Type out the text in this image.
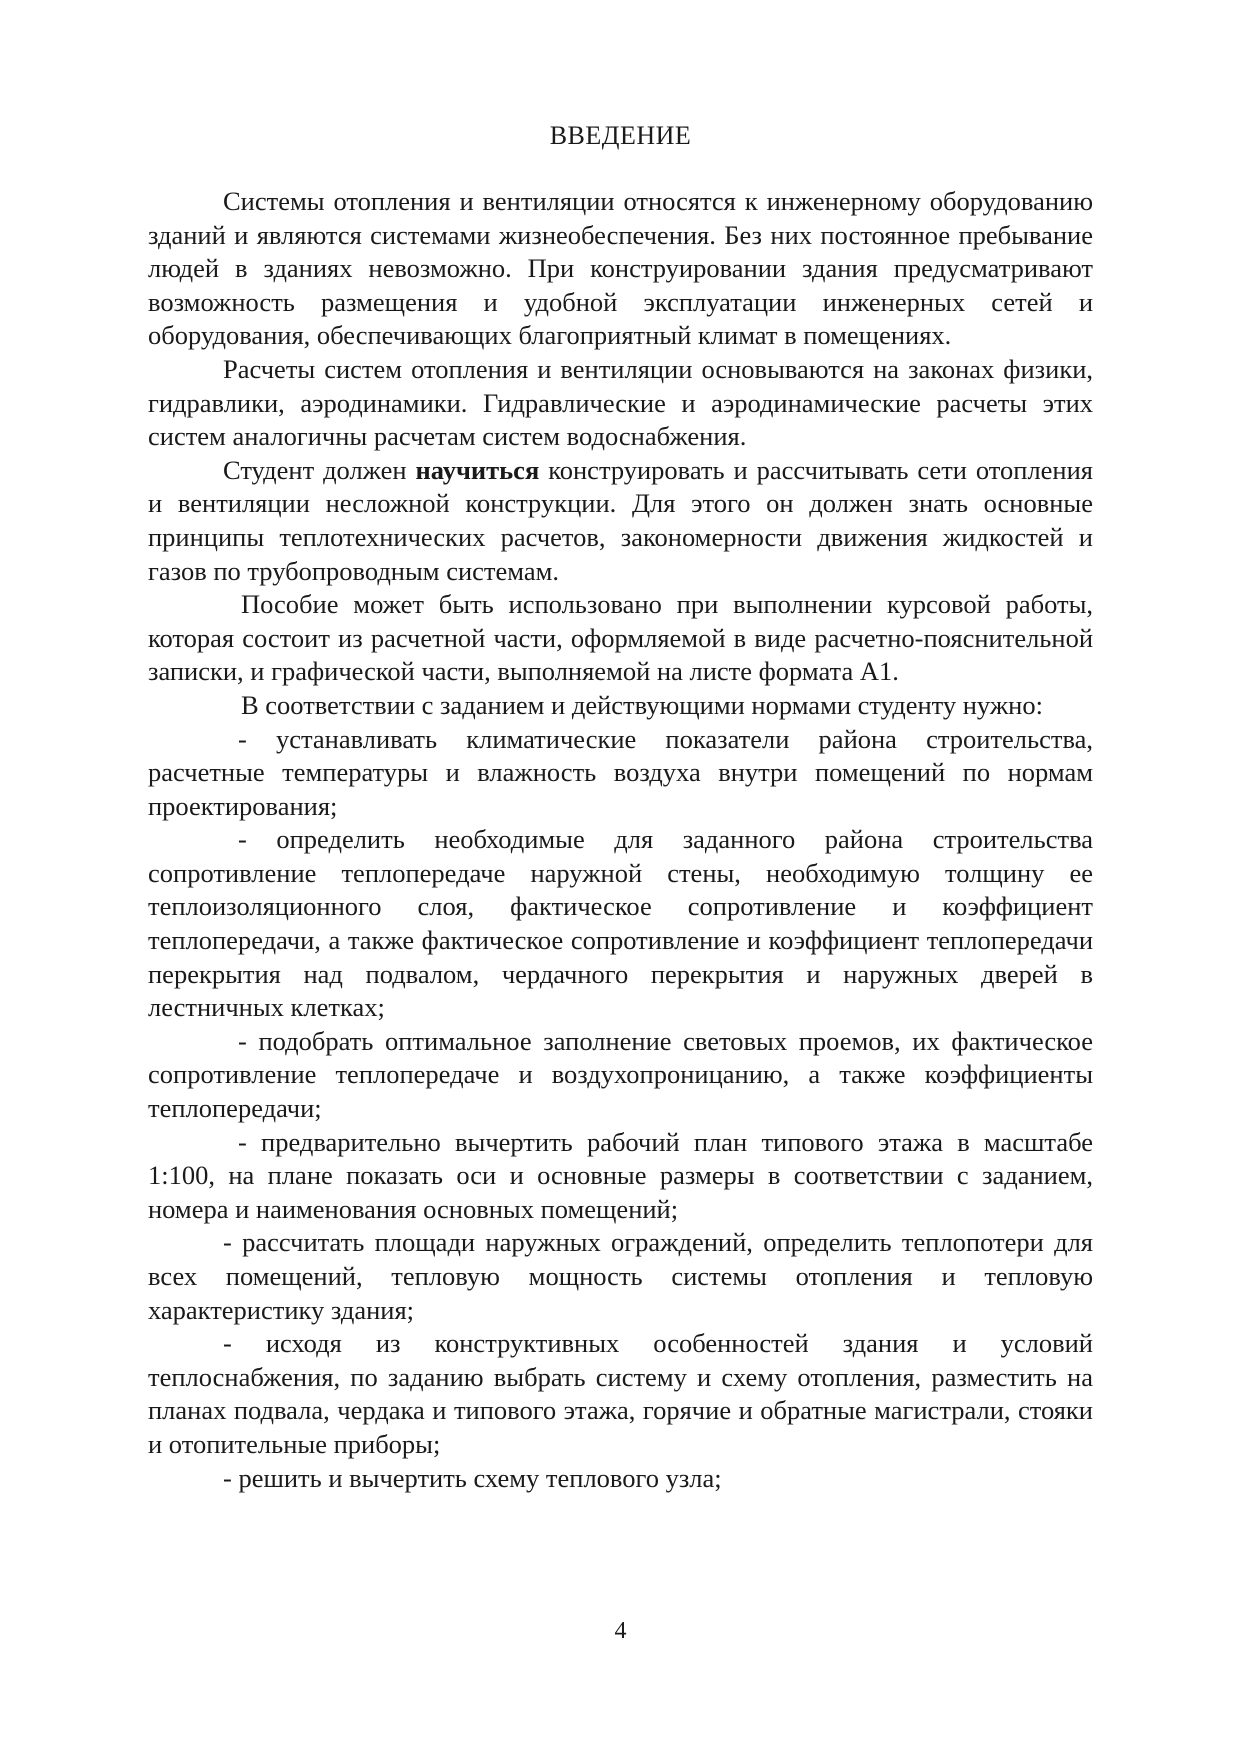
ВВЕДЕНИЕ

Системы отопления и вентиляции относятся к инженерному оборудованию зданий и являются системами жизнеобеспечения. Без них постоянное пребывание людей в зданиях невозможно. При конструировании здания предусматривают возможность размещения и удобной эксплуатации инженерных сетей и оборудования, обеспечивающих благоприятный климат в помещениях.

Расчеты систем отопления и вентиляции основываются на законах физики, гидравлики, аэродинамики. Гидравлические и аэродинамические расчеты этих систем аналогичны расчетам систем водоснабжения.

Студент должен научиться конструировать и рассчитывать сети отопления и вентиляции несложной конструкции. Для этого он должен знать основные принципы теплотехнических расчетов, закономерности движения жидкостей и газов по трубопроводным системам.

Пособие может быть использовано при выполнении курсовой работы, которая состоит из расчетной части, оформляемой в виде расчетно-пояснительной записки, и графической части, выполняемой на листе формата А1.

В соответствии с заданием и действующими нормами студенту нужно:

- устанавливать климатические показатели района строительства, расчетные температуры и влажность воздуха внутри помещений по нормам проектирования;

- определить необходимые для заданного района строительства сопротивление теплопередаче наружной стены, необходимую толщину ее теплоизоляционного слоя, фактическое сопротивление и коэффициент теплопередачи, а также фактическое сопротивление и коэффициент теплопередачи перекрытия над подвалом, чердачного перекрытия и наружных дверей в лестничных клетках;

- подобрать оптимальное заполнение световых проемов, их фактическое сопротивление теплопередаче и воздухопроницанию, а также коэффициенты теплопередачи;

- предварительно вычертить рабочий план типового этажа в масштабе 1:100, на плане показать оси и основные размеры в соответствии с заданием, номера и наименования основных помещений;

- рассчитать площади наружных ограждений, определить теплопотери для всех помещений, тепловую мощность системы отопления и тепловую характеристику здания;

- исходя из конструктивных особенностей здания и условий теплоснабжения, по заданию выбрать систему и схему отопления, разместить на планах подвала, чердака и типового этажа, горячие и обратные магистрали, стояки и отопительные приборы;

- решить и вычертить схему теплового узла;

4
